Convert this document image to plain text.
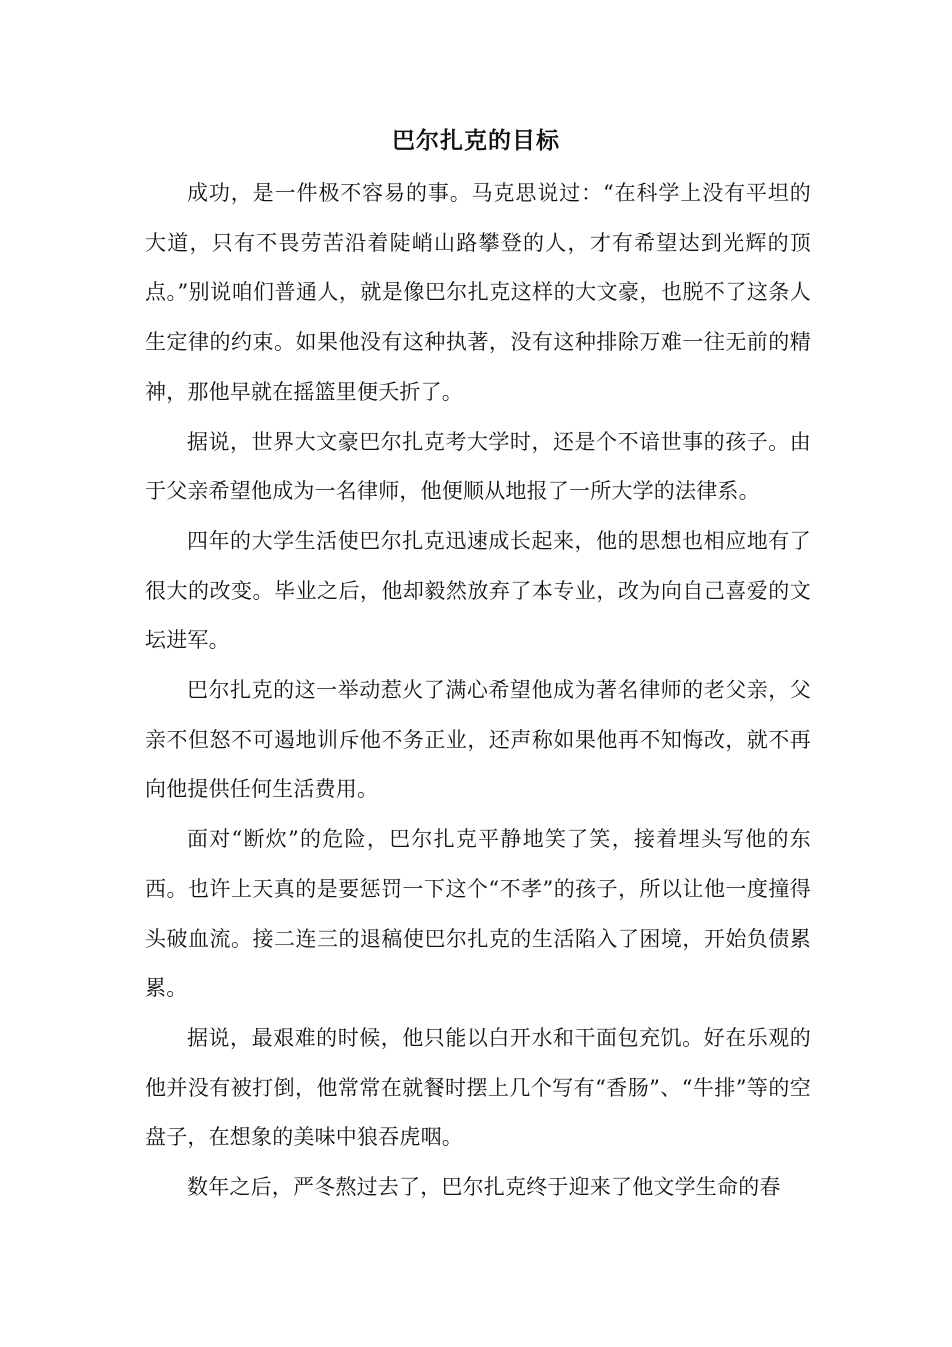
巴尔扎克的目标

成功，是一件极不容易的事。马克思说过：“在科学上没有平坦的大道，只有不畏劳苦沿着陡峭山路攀登的人，才有希望达到光辉的顶点。”别说咱们普通人，就是像巴尔扎克这样的大文豪，也脱不了这条人生定律的约束。如果他没有这种执著，没有这种排除万难一往无前的精神，那他早就在摇篮里便夭折了。

据说，世界大文豪巴尔扎克考大学时，还是个不谙世事的孩子。由于父亲希望他成为一名律师，他便顺从地报了一所大学的法律系。

四年的大学生活使巴尔扎克迅速成长起来，他的思想也相应地有了很大的改变。毕业之后，他却毅然放弃了本专业，改为向自己喜爱的文坛进军。

巴尔扎克的这一举动惹火了满心希望他成为著名律师的老父亲，父亲不但怒不可遏地训斥他不务正业，还声称如果他再不知悔改，就不再向他提供任何生活费用。

面对“断炊”的危险，巴尔扎克平静地笑了笑，接着埋头写他的东西。也许上天真的是要惩罚一下这个“不孝”的孩子，所以让他一度撞得头破血流。接二连三的退稿使巴尔扎克的生活陷入了困境，开始负债累累。

据说，最艰难的时候，他只能以白开水和干面包充饥。好在乐观的他并没有被打倒，他常常在就餐时摆上几个写有“香肠”、“牛排”等的空盘子，在想象的美味中狼吞虎咽。

数年之后，严冬熬过去了，巴尔扎克终于迎来了他文学生命的春
